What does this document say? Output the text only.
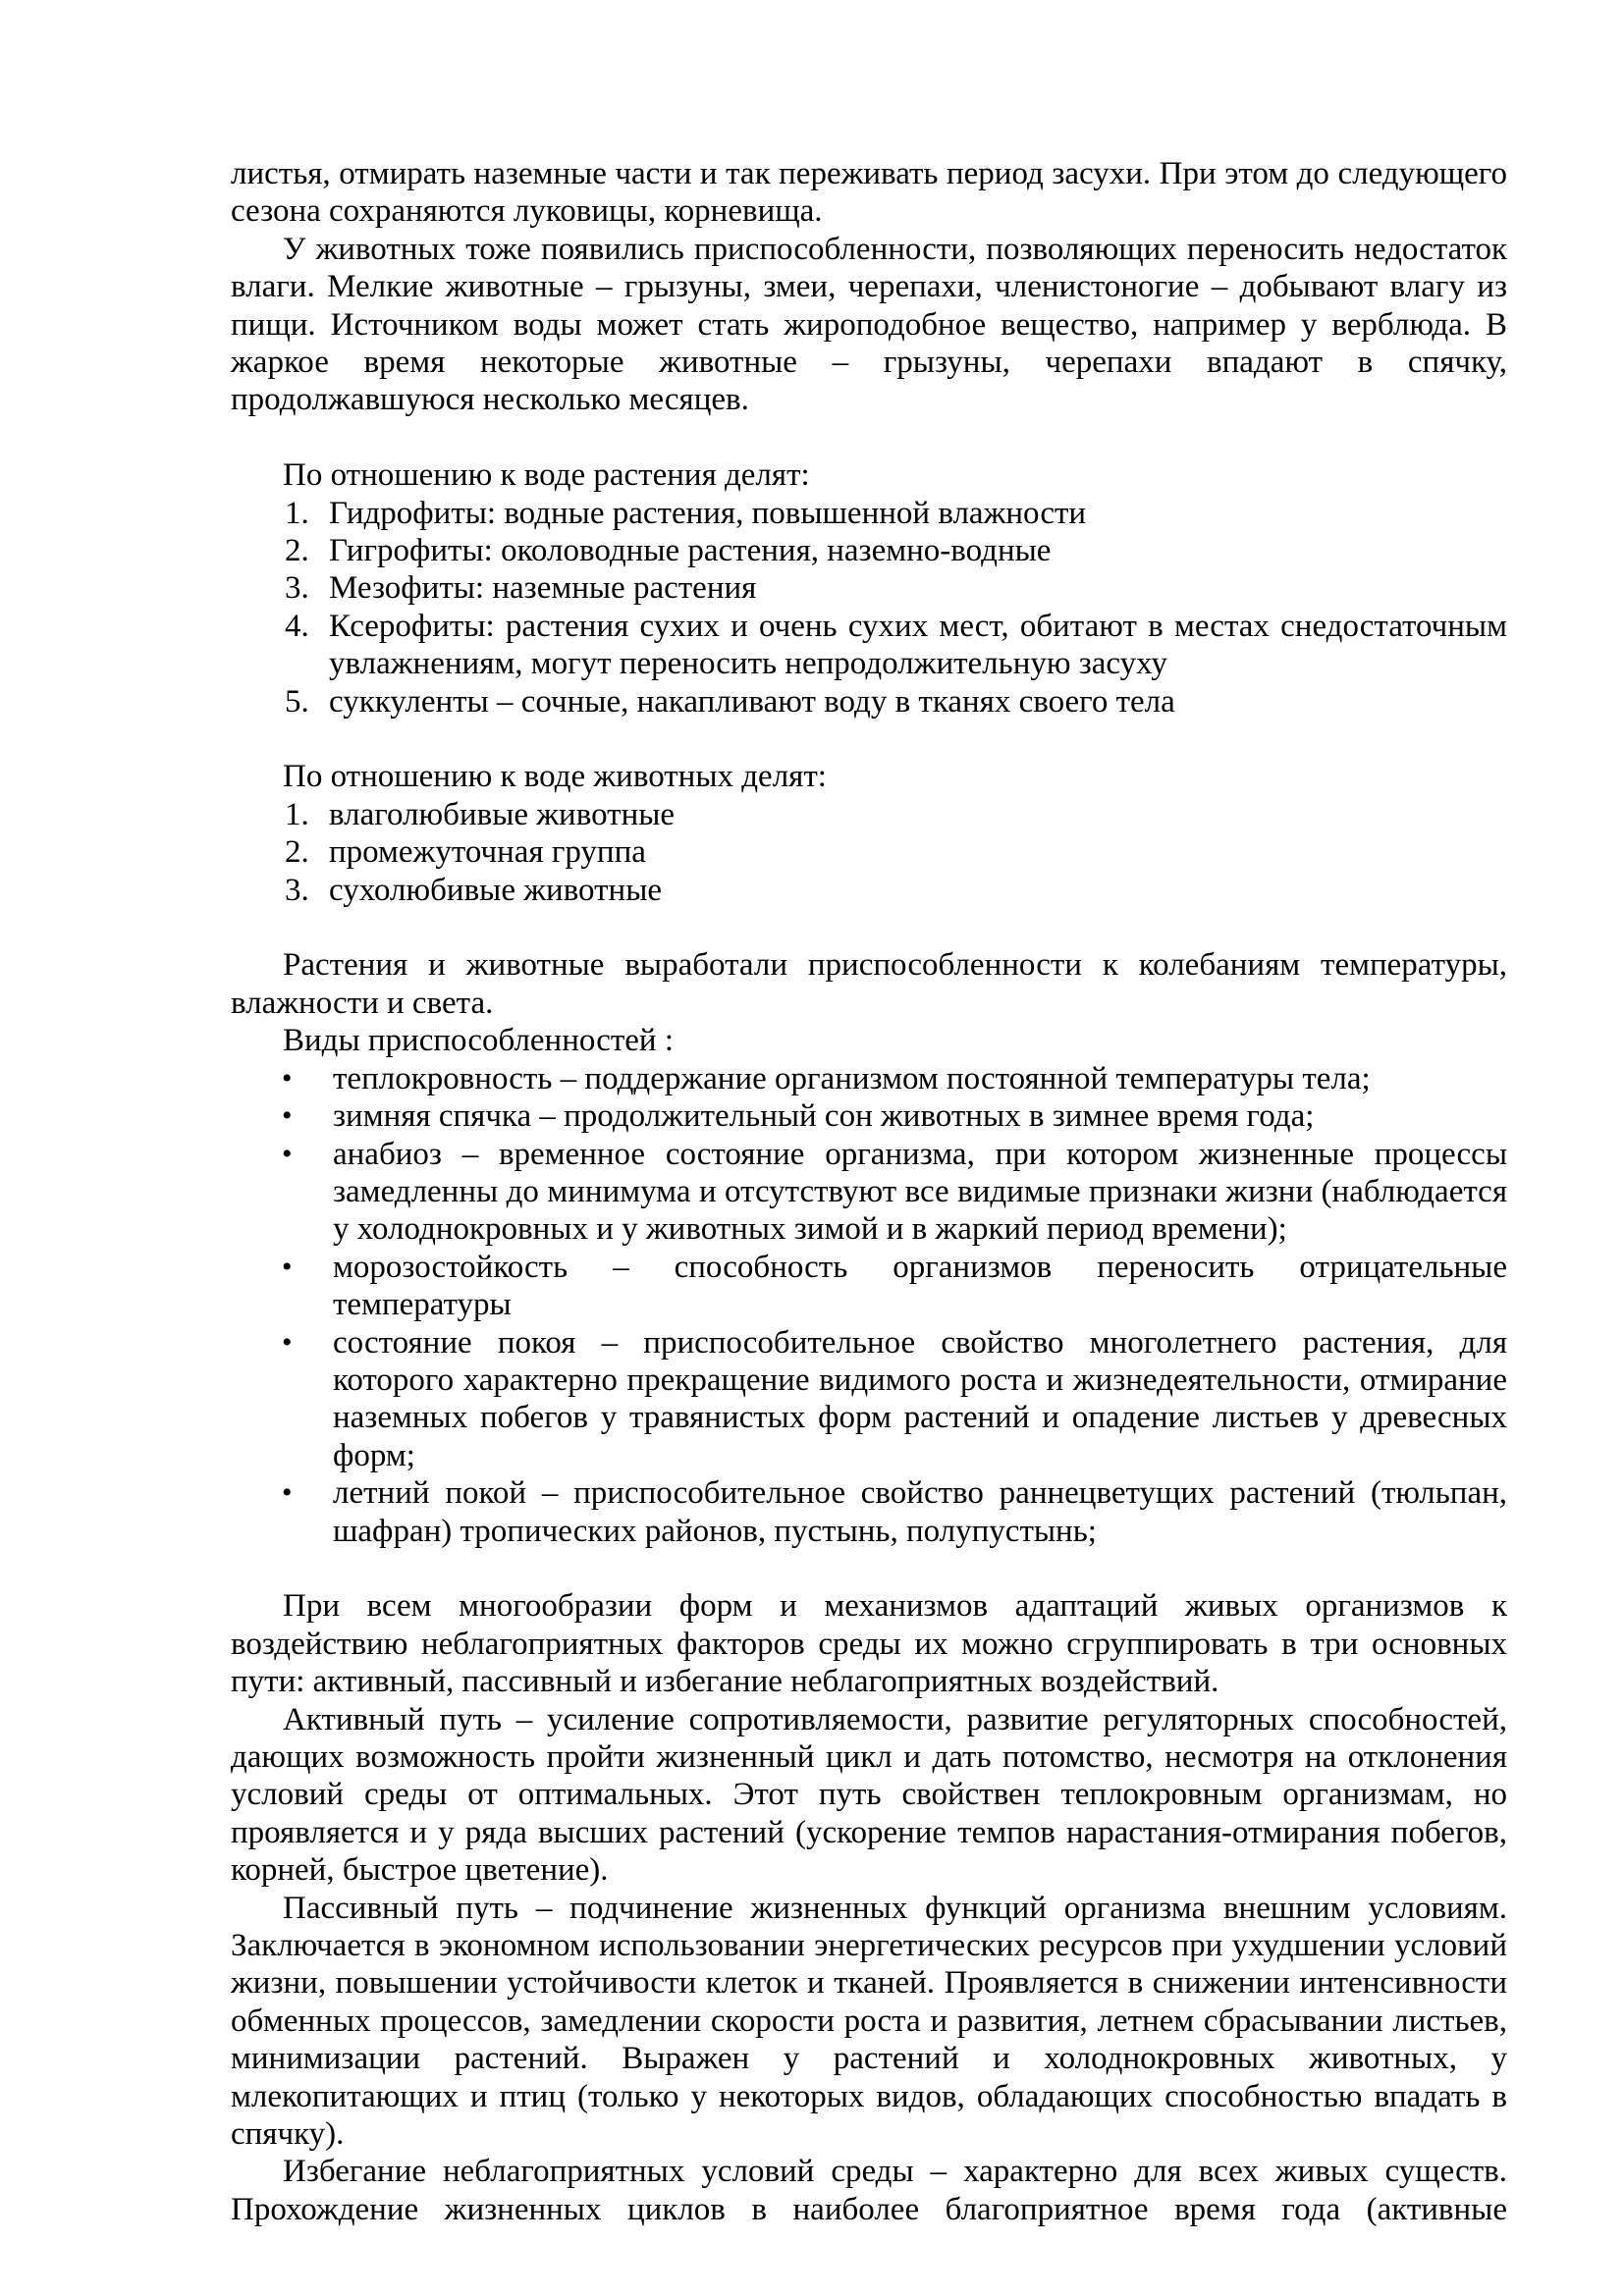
листья, отмирать наземные части и так переживать период засухи. При этом до следующего сезона сохраняются луковицы, корневища.
У животных тоже появились приспособленности, позволяющих переносить недостаток влаги. Мелкие животные – грызуны, змеи, черепахи, членистоногие – добывают влагу из пищи. Источником воды может стать жироподобное вещество, например у верблюда. В жаркое время некоторые животные – грызуны, черепахи впадают в спячку, продолжавшуюся несколько месяцев.
По отношению к воде растения делят:
1. Гидрофиты: водные растения, повышенной влажности
2. Гигрофиты: околоводные растения, наземно-водные
3. Мезофиты: наземные растения
4. Ксерофиты: растения сухих и очень сухих мест, обитают в местах снедостаточным увлажнениям, могут переносить непродолжительную засуху
5. суккуленты – сочные, накапливают воду в тканях своего тела
По отношению к воде животных делят:
1. влаголюбивые животные
2. промежуточная группа
3. сухолюбивые животные
Растения и животные выработали приспособленности к колебаниям температуры, влажности и света.
Виды приспособленностей :
• теплокровность – поддержание организмом постоянной температуры тела;
• зимняя спячка – продолжительный сон животных в зимнее время года;
• анабиоз – временное состояние организма, при котором жизненные процессы замедленны до минимума и отсутствуют все видимые признаки жизни (наблюдается у холоднокровных и у животных зимой и в жаркий период времени);
• морозостойкость – способность организмов переносить отрицательные температуры
• состояние покоя – приспособительное свойство многолетнего растения, для которого характерно прекращение видимого роста и жизнедеятельности, отмирание наземных побегов у травянистых форм растений и опадение листьев у древесных форм;
• летний покой – приспособительное свойство раннецветущих растений (тюльпан, шафран) тропических районов, пустынь, полупустынь;
При всем многообразии форм и механизмов адаптаций живых организмов к воздействию неблагоприятных факторов среды их можно сгруппировать в три основных пути: активный, пассивный и избегание неблагоприятных воздействий.
Активный путь – усиление сопротивляемости, развитие регуляторных способностей, дающих возможность пройти жизненный цикл и дать потомство, несмотря на отклонения условий среды от оптимальных. Этот путь свойствен теплокровным организмам, но проявляется и у ряда высших растений (ускорение темпов нарастания-отмирания побегов, корней, быстрое цветение).
Пассивный путь – подчинение жизненных функций организма внешним условиям. Заключается в экономном использовании энергетических ресурсов при ухудшении условий жизни, повышении устойчивости клеток и тканей. Проявляется в снижении интенсивности обменных процессов, замедлении скорости роста и развития, летнем сбрасывании листьев, минимизации растений. Выражен у растений и холоднокровных животных, у млекопитающих и птиц (только у некоторых видов, обладающих способностью впадать в спячку).
Избегание неблагоприятных условий среды – характерно для всех живых существ. Прохождение жизненных циклов в наиболее благоприятное время года (активные
